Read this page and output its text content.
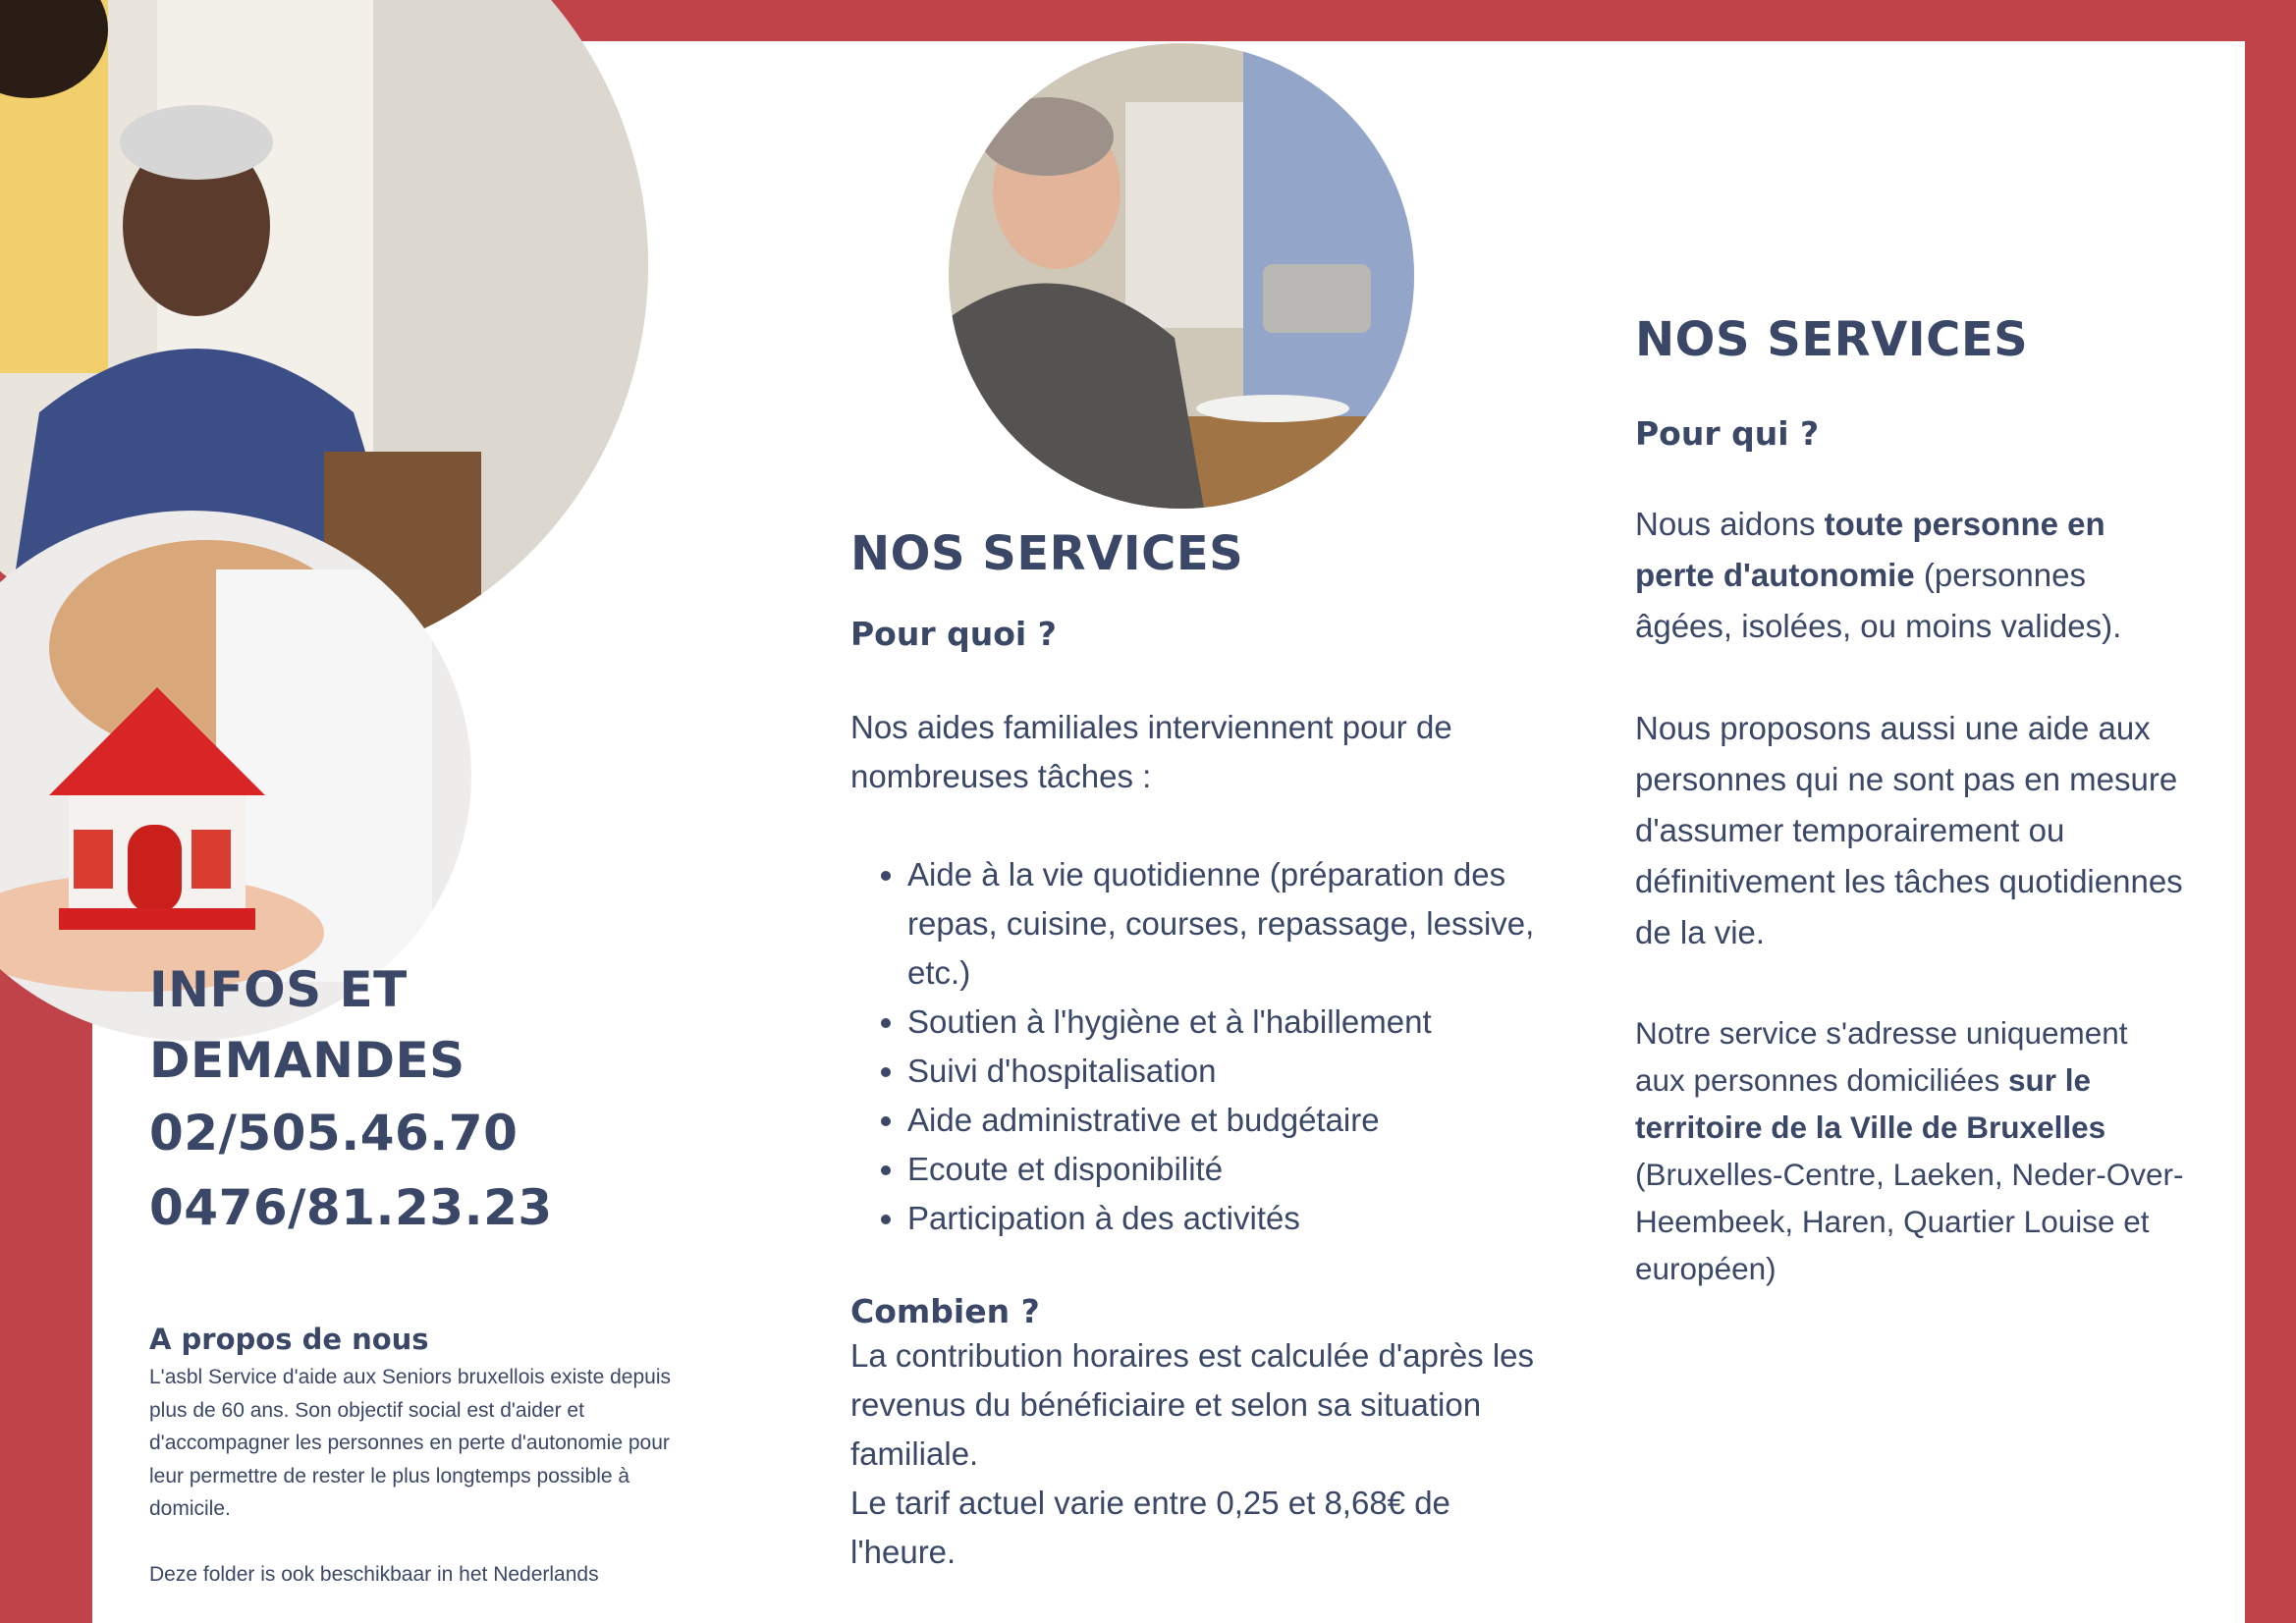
INFOS ET DEMANDES
02/505.46.70
0476/81.23.23
A propos de nous
L'asbl Service d'aide aux Seniors bruxellois existe depuis plus de 60 ans. Son objectif social est d'aider et d'accompagner les personnes en perte d'autonomie pour leur permettre de rester le plus longtemps possible à domicile.
Deze folder is ook beschikbaar in het Nederlands
NOS SERVICES
Pour quoi ?

Nos aides familiales interviennent pour de nombreuses tâches :

• Aide à la vie quotidienne (préparation des repas, cuisine, courses, repassage, lessive, etc.)
• Soutien à l'hygiène et à l'habillement
• Suivi d'hospitalisation
• Aide administrative et budgétaire
• Ecoute et disponibilité
• Participation à des activités
Combien ?

La contribution horaires est calculée d'après les revenus du bénéficiaire et selon sa situation familiale.

Le tarif actuel varie entre 0,25 et 8,68€ de l'heure.

NOS SERVICES
Pour qui ?

Nous aidons toute personne en perte d'autonomie (personnes âgées, isolées, ou moins valides).

Nous proposons aussi une aide aux personnes qui ne sont pas en mesure d'assumer temporairement ou définitivement les tâches quotidiennes de la vie.

Notre service s'adresse uniquement aux personnes domiciliées sur le territoire de la Ville de Bruxelles (Bruxelles-Centre, Laeken, Neder-Over-Heembeek, Haren, Quartier Louise et européen)
